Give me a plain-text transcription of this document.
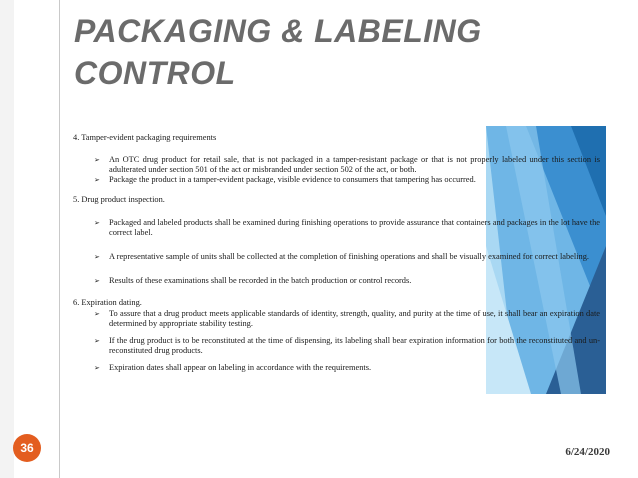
PACKAGING & LABELING
CONTROL

4. Tamper-evident packaging requirements

➢ An OTC drug product for retail sale, that is not packaged in a tamper-resistant package or that is not properly labeled under this section is adulterated under section 501 of the act or misbranded under section 502 of the act, or both.
➢ Package the product in a tamper-evident package, visible evidence to consumers that tampering has occurred.

5. Drug product inspection.

➢ Packaged and labeled products shall be examined during finishing operations to provide assurance that containers and packages in the lot have the correct label.
➢ A representative sample of units shall be collected at the completion of finishing operations and shall be visually examined for correct labeling.
➢ Results of these examinations shall be recorded in the batch production or control records.

6. Expiration dating.

➢ To assure that a drug product meets applicable standards of identity, strength, quality, and purity at the time of use, it shall bear an expiration date determined by appropriate stability testing.
➢ If the drug product is to be reconstituted at the time of dispensing, its labeling shall bear expiration information for both the reconstituted and un-reconstituted drug products.
➢ Expiration dates shall appear on labeling in accordance with the requirements.
36	6/24/2020
